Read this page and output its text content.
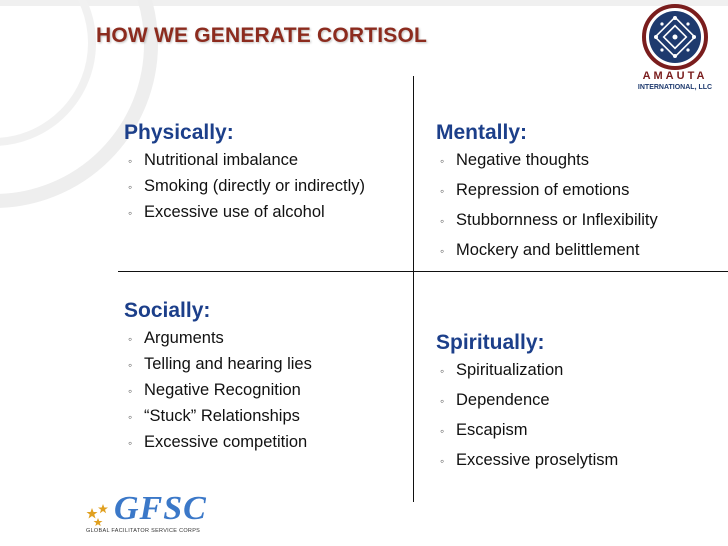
HOW WE GENERATE CORTISOL
AMAUTA
INTERNATIONAL, LLC
Physically:
◦ Nutritional imbalance
◦ Smoking (directly or indirectly)
◦ Excessive use of alcohol
Mentally:
◦ Negative thoughts
◦ Repression of emotions
◦ Stubbornness or Inflexibility
◦ Mockery and belittlement
Socially:
◦ Arguments
◦ Telling and hearing lies
◦ Negative Recognition
◦ “Stuck” Relationships
◦ Excessive competition
Spiritually:
◦ Spiritualization
◦ Dependence
◦ Escapism
◦ Excessive proselytism
GFSC
GLOBAL FACILITATOR SERVICE CORPS
